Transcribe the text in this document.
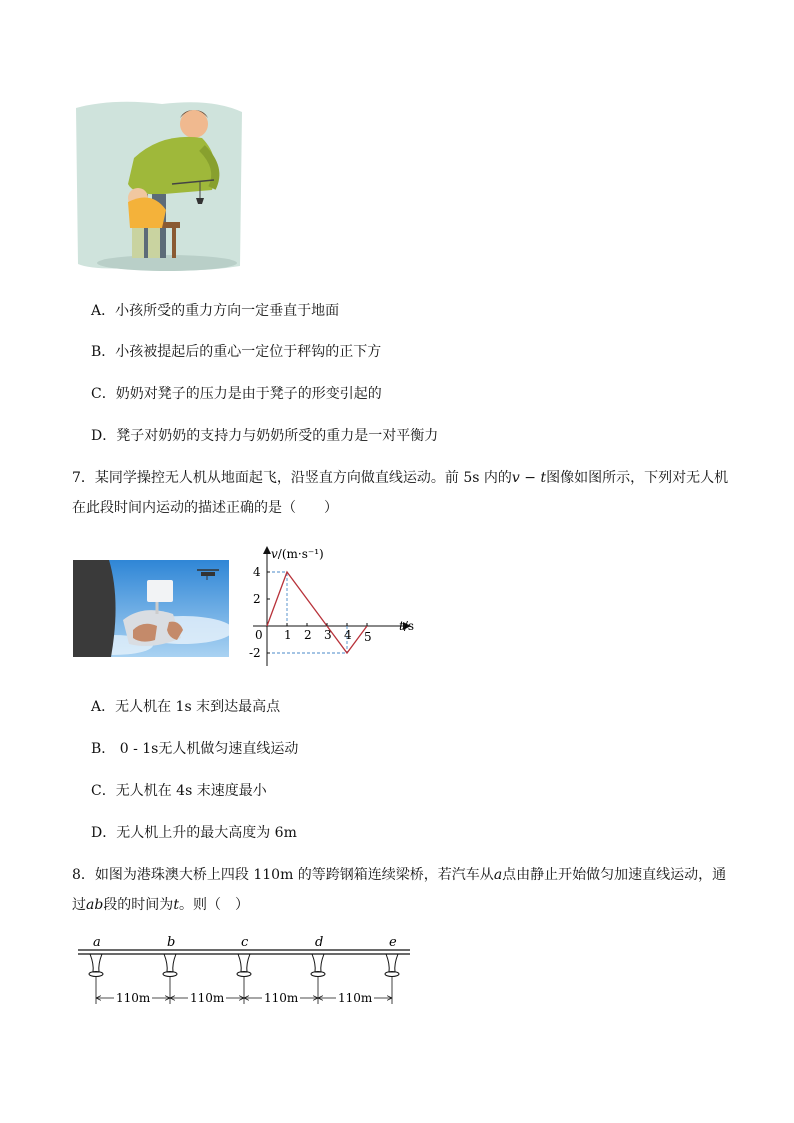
A．小孩所受的重力方向一定垂直于地面
B．小孩被提起后的重心一定位于秤钩的正下方
C．奶奶对凳子的压力是由于凳子的形变引起的
D．凳子对奶奶的支持力与奶奶所受的重力是一对平衡力
7．某同学操控无人机从地面起飞，沿竖直方向做直线运动。前 5s 内的v − t图像如图所示，下列对无人机
在此段时间内运动的描述正确的是（　　）
v/(m·s⁻¹)
t/s
0 1 2 3 4 5
4
2
-2
A．无人机在 1s 末到达最高点
B． 0 - 1s无人机做匀速直线运动
C．无人机在 4s 末速度最小
D．无人机上升的最大高度为 6m
8．如图为港珠澳大桥上四段 110m 的等跨钢箱连续梁桥，若汽车从a点由静止开始做匀加速直线运动，通
过ab段的时间为t。则（　）
a	b	c	d	e
110m	110m	110m	110m
